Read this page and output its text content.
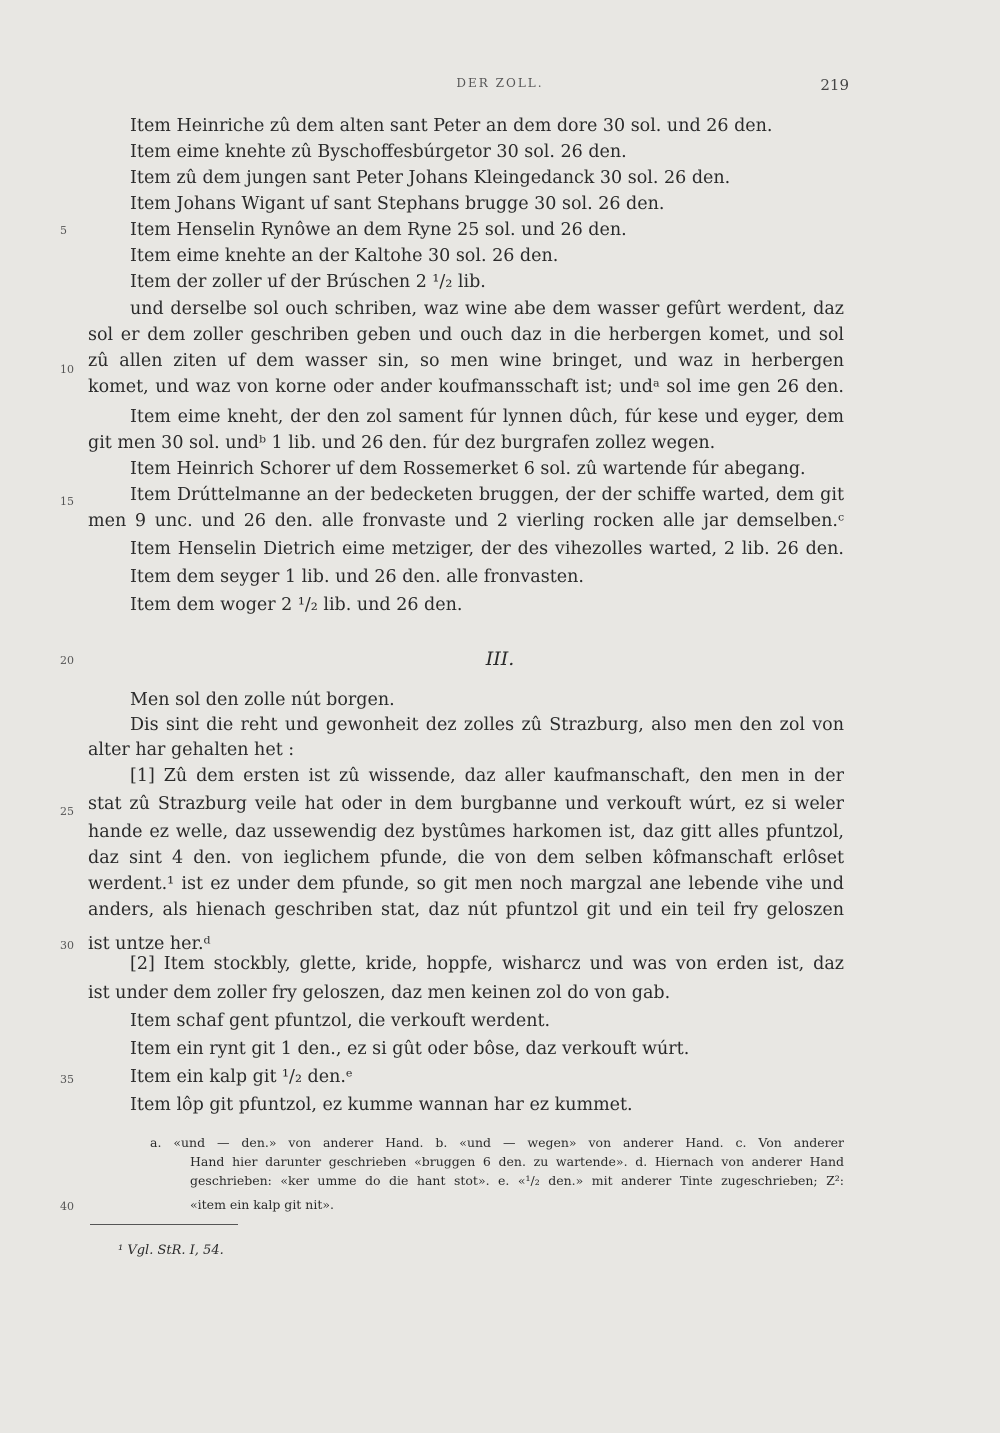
DER ZOLL.	219
Item Heinriche zû dem alten sant Peter an dem dore 30 sol. und 26 den.
Item eime knehte zû Byschoffesbúrgetor 30 sol. 26 den.
Item zû dem jungen sant Peter Johans Kleingedanck 30 sol. 26 den.
Item Johans Wigant uf sant Stephans brugge 30 sol. 26 den.
Item Henselin Rynôwe an dem Ryne 25 sol. und 26 den.
Item eime knehte an der Kaltohe 30 sol. 26 den.
Item der zoller uf der Brúschen 2 ¹/₂ lib.
und derselbe sol ouch schriben, waz wine abe dem wasser gefûrt werdent, daz
sol er dem zoller geschriben geben und ouch daz in die herbergen komet, und sol
zû allen ziten uf dem wasser sin, so men wine bringet, und waz in herbergen
komet, und waz von korne oder ander koufmansschaft ist; undᵃ sol ime gen 26 den.
Item eime kneht, der den zol sament fúr lynnen dûch, fúr kese und eyger, dem
git men 30 sol. undᵇ 1 lib. und 26 den. fúr dez burgrafen zollez wegen.
Item Heinrich Schorer uf dem Rossemerket 6 sol. zû wartende fúr abegang.
Item Drúttelmanne an der bedecketen bruggen, der der schiffe warted, dem git
men 9 unc. und 26 den. alle fronvaste und 2 vierling rocken alle jar demselben.ᶜ
Item Henselin Dietrich eime metziger, der des vihezolles warted, 2 lib. 26 den.
Item dem seyger 1 lib. und 26 den. alle fronvasten.
Item dem woger 2 ¹/₂ lib. und 26 den.
III.
Men sol den zolle nút borgen.
Dis sint die reht und gewonheit dez zolles zû Strazburg, also men den zol von
alter har gehalten het :
[1] Zû dem ersten ist zû wissende, daz aller kaufmanschaft, den men in der
stat zû Strazburg veile hat oder in dem burgbanne und verkouft wúrt, ez si weler
hande ez welle, daz ussewendig dez bystûmes harkomen ist, daz gitt alles pfuntzol,
daz sint 4 den. von ieglichem pfunde, die von dem selben kôfmanschaft erlôset
werdent.¹ ist ez under dem pfunde, so git men noch margzal ane lebende vihe und
anders, als hienach geschriben stat, daz nút pfuntzol git und ein teil fry geloszen
ist untze her.ᵈ
[2] Item stockbly, glette, kride, hoppfe, wisharcz und was von erden ist, daz
ist under dem zoller fry geloszen, daz men keinen zol do von gab.
Item schaf gent pfuntzol, die verkouft werdent.
Item ein rynt git 1 den., ez si gût oder bôse, daz verkouft wúrt.
Item ein kalp git ¹/₂ den.ᵉ
Item lôp git pfuntzol, ez kumme wannan har ez kummet.
5
10
15
20
25
30
35
40
a. «und — den.» von anderer Hand. b. «und — wegen» von anderer Hand. c. Von anderer
Hand hier darunter geschrieben «bruggen 6 den. zu wartende». d. Hiernach von anderer Hand
geschrieben: «ker umme do die hant stot». e. «¹/₂ den.» mit anderer Tinte zugeschrieben; Z²:
«item ein kalp git nit».
¹ Vgl. StR. I, 54.
